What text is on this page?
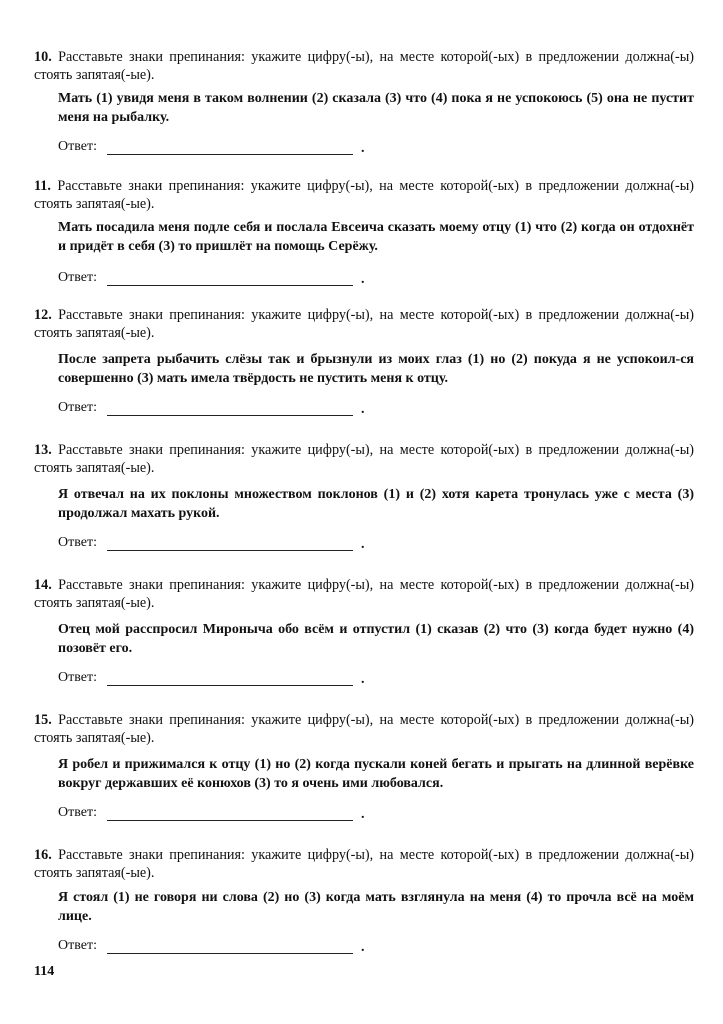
10. Расставьте знаки препинания: укажите цифру(-ы), на месте которой(-ых) в предложении должна(-ы) стоять запятая(-ые).
Мать (1) увидя меня в таком волнении (2) сказала (3) что (4) пока я не успокоюсь (5) она не пустит меня на рыбалку.
Ответ:	.
11. Расставьте знаки препинания: укажите цифру(-ы), на месте которой(-ых) в предложении должна(-ы) стоять запятая(-ые).
Мать посадила меня подле себя и послала Евсеича сказать моему отцу (1) что (2) когда он отдохнёт и придёт в себя (3) то пришлёт на помощь Серёжу.
Ответ:	.
12. Расставьте знаки препинания: укажите цифру(-ы), на месте которой(-ых) в предложении должна(-ы) стоять запятая(-ые).
После запрета рыбачить слёзы так и брызнули из моих глаз (1) но (2) покуда я не успокоил-ся совершенно (3) мать имела твёрдость не пустить меня к отцу.
Ответ:	.
13. Расставьте знаки препинания: укажите цифру(-ы), на месте которой(-ых) в предложении должна(-ы) стоять запятая(-ые).
Я отвечал на их поклоны множеством поклонов (1) и (2) хотя карета тронулась уже с места (3) продолжал махать рукой.
Ответ:	.
14. Расставьте знаки препинания: укажите цифру(-ы), на месте которой(-ых) в предложении должна(-ы) стоять запятая(-ые).
Отец мой расспросил Мироныча обо всём и отпустил (1) сказав (2) что (3) когда будет нужно (4) позовёт его.
Ответ:	.
15. Расставьте знаки препинания: укажите цифру(-ы), на месте которой(-ых) в предложении должна(-ы) стоять запятая(-ые).
Я робел и прижимался к отцу (1) но (2) когда пускали коней бегать и прыгать на длинной верёвке вокруг державших её конюхов (3) то я очень ими любовался.
Ответ:	.
16. Расставьте знаки препинания: укажите цифру(-ы), на месте которой(-ых) в предложении должна(-ы) стоять запятая(-ые).
Я стоял (1) не говоря ни слова (2) но (3) когда мать взглянула на меня (4) то прочла всё на моём лице.
Ответ:	.
114
